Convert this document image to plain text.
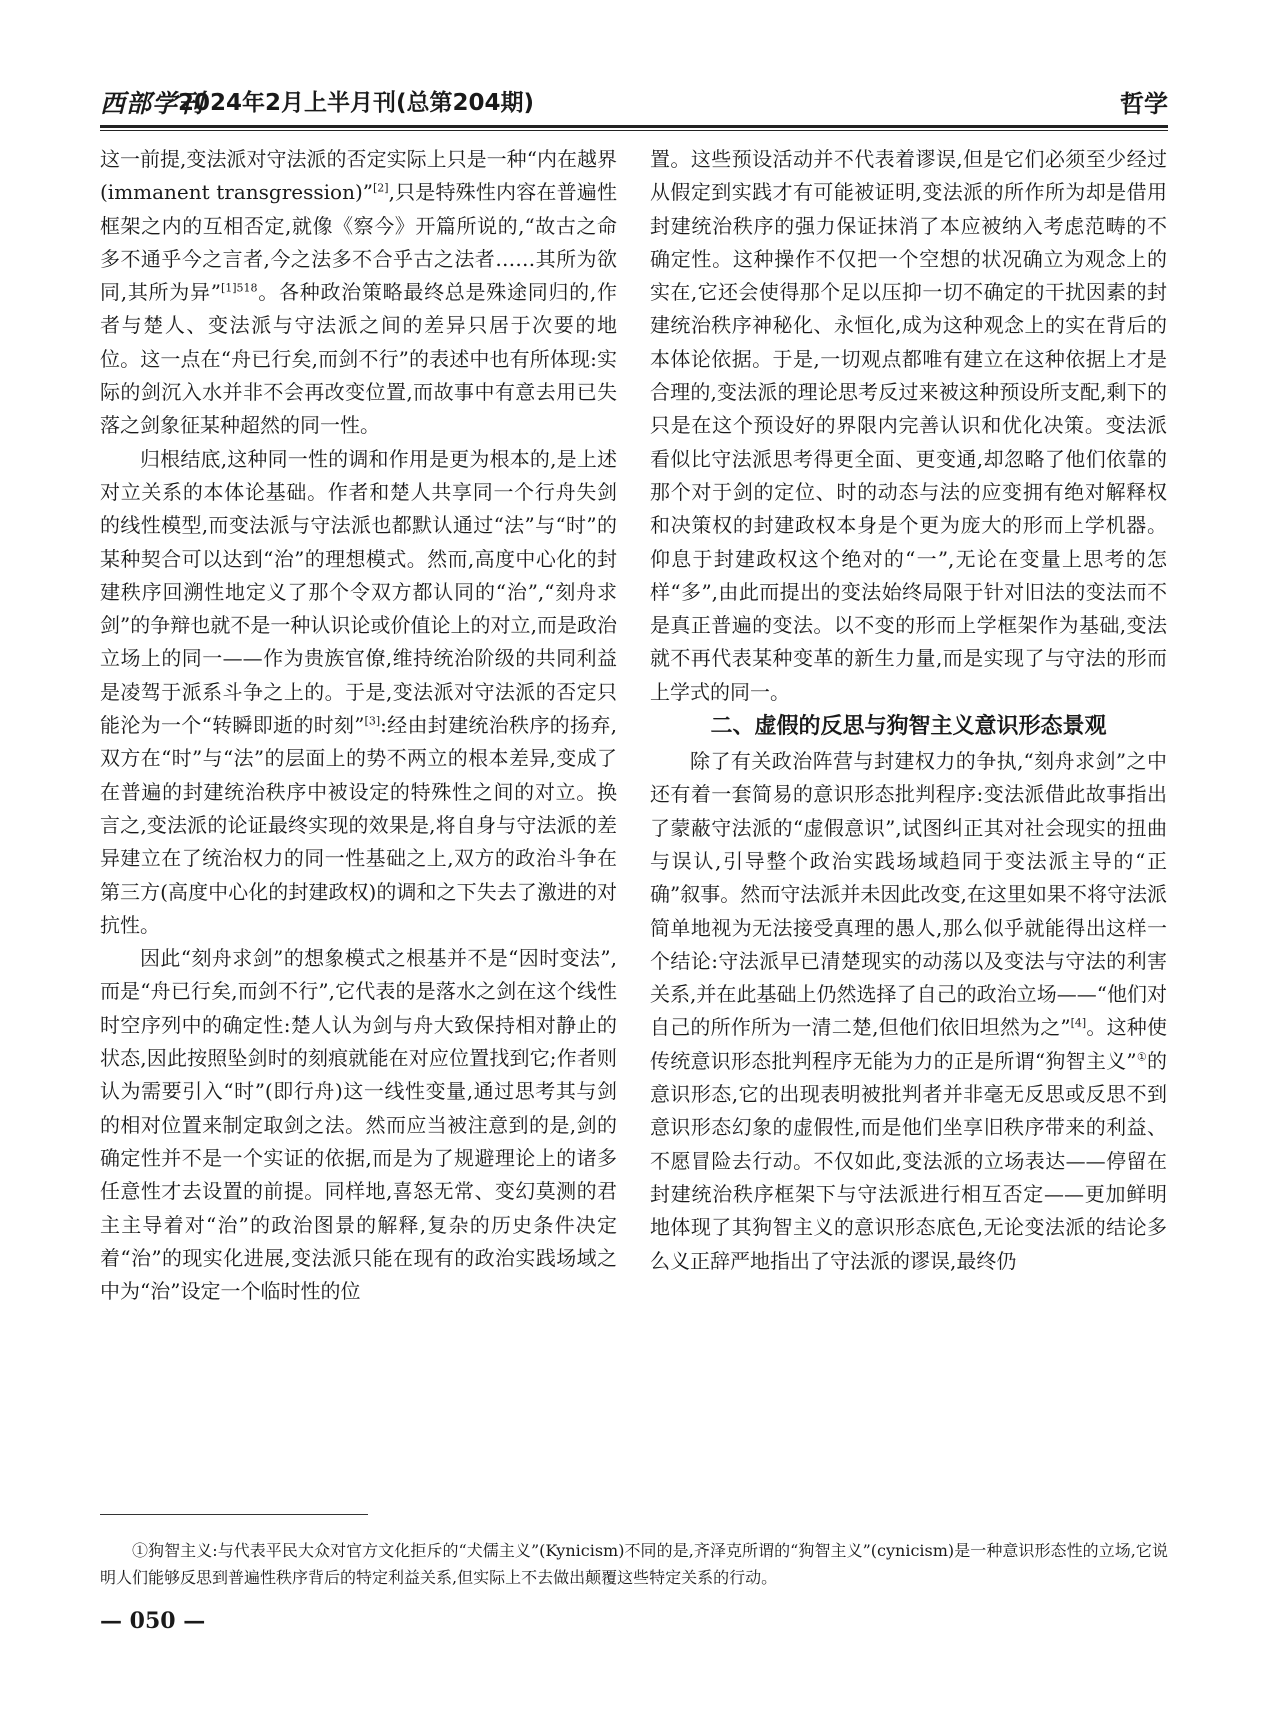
西部学刊
2024年2月上半月刊(总第204期)	哲学

这一前提,变法派对守法派的否定实际上只是一种“内在越界(immanent transgression)”[2],只是特殊性内容在普遍性框架之内的互相否定,就像《察今》开篇所说的,“故古之命多不通乎今之言者,今之法多不合乎古之法者……其所为欲同,其所为异”$^{[1]518}$。各种政治策略最终总是殊途同归的,作者与楚人、变法派与守法派之间的差异只居于次要的地位。这一点在“舟已行矣,而剑不行”的表述中也有所体现:实际的剑沉入水并非不会再改变位置,而故事中有意去用已失落之剑象征某种超然的同一性。

归根结底,这种同一性的调和作用是更为根本的,是上述对立关系的本体论基础。作者和楚人共享同一个行舟失剑的线性模型,而变法派与守法派也都默认通过“法”与“时”的某种契合可以达到“治”的理想模式。然而,高度中心化的封建秩序回溯性地定义了那个令双方都认同的“治”,“刻舟求剑”的争辩也就不是一种认识论或价值论上的对立,而是政治立场上的同一——作为贵族官僚,维持统治阶级的共同利益是凌驾于派系斗争之上的。于是,变法派对守法派的否定只能沦为一个“转瞬即逝的时刻”[3]:经由封建统治秩序的扬弃,双方在“时”与“法”的层面上的势不两立的根本差异,变成了在普遍的封建统治秩序中被设定的特殊性之间的对立。换言之,变法派的论证最终实现的效果是,将自身与守法派的差异建立在了统治权力的同一性基础之上,双方的政治斗争在第三方(高度中心化的封建政权)的调和之下失去了激进的对抗性。

因此“刻舟求剑”的想象模式之根基并不是“因时变法”,而是“舟已行矣,而剑不行”,它代表的是落水之剑在这个线性时空序列中的确定性:楚人认为剑与舟大致保持相对静止的状态,因此按照坠剑时的刻痕就能在对应位置找到它;作者则认为需要引入“时”(即行舟)这一线性变量,通过思考其与剑的相对位置来制定取剑之法。然而应当被注意到的是,剑的确定性并不是一个实证的依据,而是为了规避理论上的诸多任意性才去设置的前提。同样地,喜怒无常、变幻莫测的君主主导着对“治”的政治图景的解释,复杂的历史条件决定着“治”的现实化进展,变法派只能在现有的政治实践场域之中为“治”设定一个临时性的位

置。这些预设活动并不代表着谬误,但是它们必须至少经过从假定到实践才有可能被证明,变法派的所作所为却是借用封建统治秩序的强力保证抹消了本应被纳入考虑范畴的不确定性。这种操作不仅把一个空想的状况确立为观念上的实在,它还会使得那个足以压抑一切不确定的干扰因素的封建统治秩序神秘化、永恒化,成为这种观念上的实在背后的本体论依据。于是,一切观点都唯有建立在这种依据上才是合理的,变法派的理论思考反过来被这种预设所支配,剩下的只是在这个预设好的界限内完善认识和优化决策。变法派看似比守法派思考得更全面、更变通,却忽略了他们依靠的那个对于剑的定位、时的动态与法的应变拥有绝对解释权和决策权的封建政权本身是个更为庞大的形而上学机器。仰息于封建政权这个绝对的“一”,无论在变量上思考的怎样“多”,由此而提出的变法始终局限于针对旧法的变法而不是真正普遍的变法。以不变的形而上学框架作为基础,变法就不再代表某种变革的新生力量,而是实现了与守法的形而上学式的同一。

二、虚假的反思与狗智主义意识形态景观

除了有关政治阵营与封建权力的争执,“刻舟求剑”之中还有着一套简易的意识形态批判程序:变法派借此故事指出了蒙蔽守法派的“虚假意识”,试图纠正其对社会现实的扭曲与误认,引导整个政治实践场域趋同于变法派主导的“正确”叙事。然而守法派并未因此改变,在这里如果不将守法派简单地视为无法接受真理的愚人,那么似乎就能得出这样一个结论:守法派早已清楚现实的动荡以及变法与守法的利害关系,并在此基础上仍然选择了自己的政治立场——“他们对自己的所作所为一清二楚,但他们依旧坦然为之”[4]。这种使传统意识形态批判程序无能为力的正是所谓“狗智主义”①的意识形态,它的出现表明被批判者并非毫无反思或反思不到意识形态幻象的虚假性,而是他们坐享旧秩序带来的利益、不愿冒险去行动。不仅如此,变法派的立场表达——停留在封建统治秩序框架下与守法派进行相互否定——更加鲜明地体现了其狗智主义的意识形态底色,无论变法派的结论多么义正辞严地指出了守法派的谬误,最终仍

①狗智主义:与代表平民大众对官方文化拒斥的“犬儒主义”(Kynicism)不同的是,齐泽克所谓的“狗智主义”(cynicism)是一种意识形态性的立场,它说明人们能够反思到普遍性秩序背后的特定利益关系,但实际上不去做出颠覆这些特定关系的行动。

— 050 —
